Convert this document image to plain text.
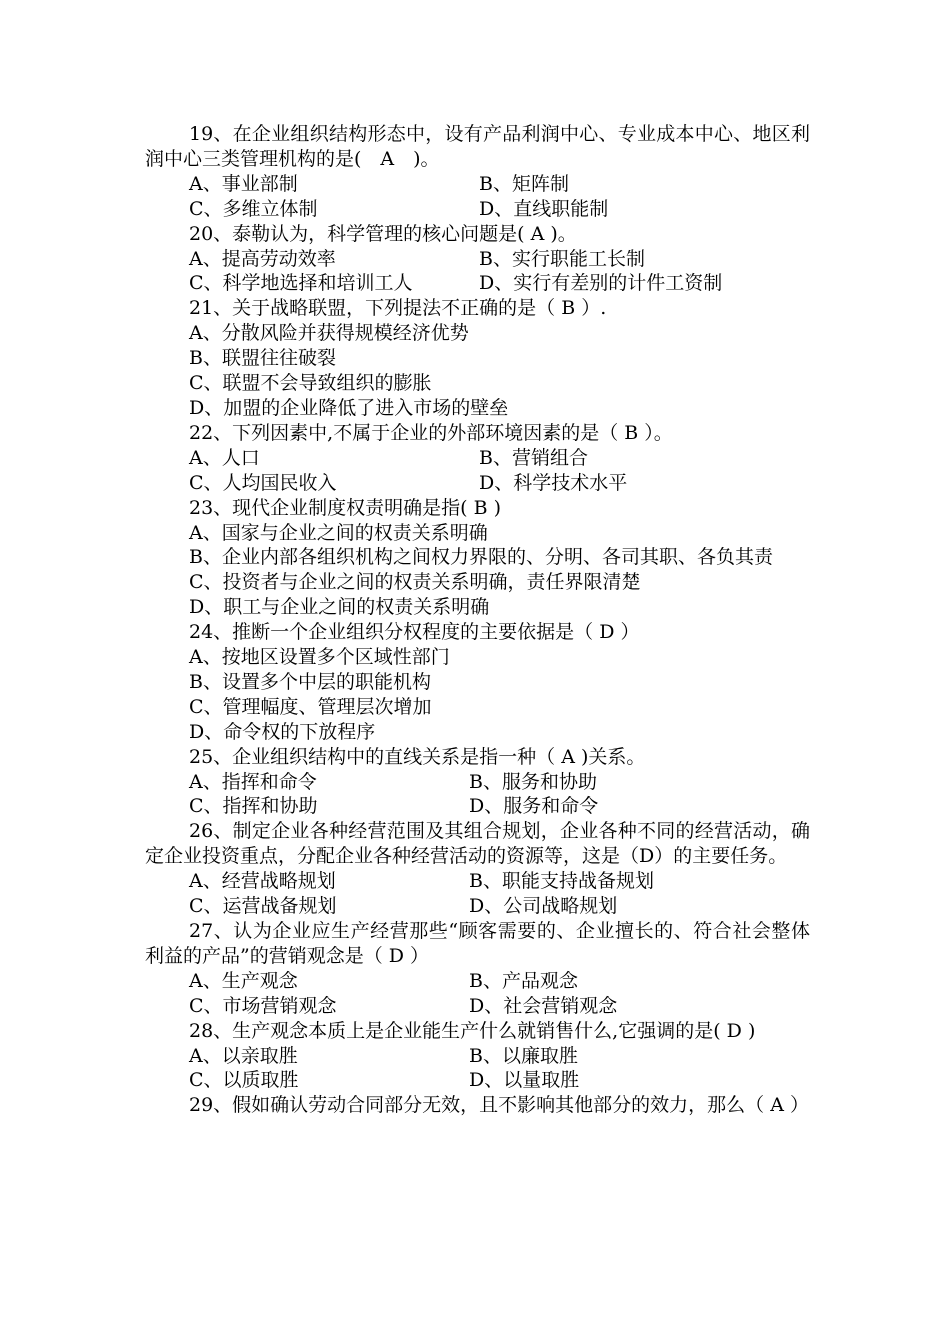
19、在企业组织结构形态中，设有产品利润中心、专业成本中心、地区利润中心三类管理机构的是(　A　)。

A、事业部制	B、矩阵制
C、多维立体制	D、直线职能制

20、泰勒认为，科学管理的核心问题是( A )。

A、提高劳动效率	B、实行职能工长制
C、科学地选择和培训工人	D、实行有差别的计件工资制

21、关于战略联盟，下列提法不正确的是（ B ）.

A、分散风险并获得规模经济优势

B、联盟往往破裂

C、联盟不会导致组织的膨胀

D、加盟的企业降低了进入市场的壁垒

22、下列因素中,不属于企业的外部环境因素的是（ B ）。

A、人口	B、营销组合
C、人均国民收入	D、科学技术水平

23、现代企业制度权责明确是指( B )

A、国家与企业之间的权责关系明确

B、企业内部各组织机构之间权力界限的、分明、各司其职、各负其责

C、投资者与企业之间的权责关系明确，责任界限清楚

D、职工与企业之间的权责关系明确

24、推断一个企业组织分权程度的主要依据是（ D ）

A、按地区设置多个区域性部门

B、设置多个中层的职能机构

C、管理幅度、管理层次增加

D、命令权的下放程序

25、企业组织结构中的直线关系是指一种（ A )关系。

A、指挥和命令	B、服务和协助
C、指挥和协助	D、服务和命令

26、制定企业各种经营范围及其组合规划，企业各种不同的经营活动，确定企业投资重点，分配企业各种经营活动的资源等，这是（D）的主要任务。

A、经营战略规划	B、职能支持战备规划
C、运营战备规划	D、公司战略规划

27、认为企业应生产经营那些“顾客需要的、企业擅长的、符合社会整体利益的产品”的营销观念是（ D ）

A、生产观念	B、产品观念
C、市场营销观念	D、社会营销观念

28、生产观念本质上是企业能生产什么就销售什么,它强调的是( D )

A、以亲取胜	B、以廉取胜
C、以质取胜	D、以量取胜

29、假如确认劳动合同部分无效，且不影响其他部分的效力，那么（ A ）
